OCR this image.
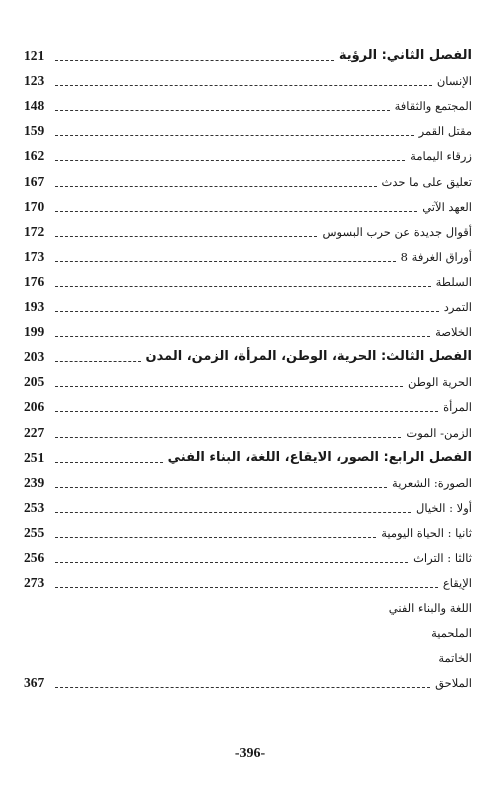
121	الفصل الثاني: الرؤية
123	الإنسان
148	المجتمع والثقافة
159	مقتل القمر
162	زرقاء اليمامة
167	تعليق على ما حدث
170	العهد الآتي
172	أقوال جديدة عن حرب البسوس
173	أوراق الغرفة 8
176	السلطة
193	التمرد
199	الخلاصة
203	الفصل الثالث: الحرية، الوطن، المرأة، الزمن، المدن
205	الحرية الوطن
206	المرأة
227	الزمن- الموت
251	الفصل الرابع: الصور، الايقاع، اللغة، البناء الفني
239	الصورة: الشعرية
253	أولا : الخيال
255	ثانيا : الحياة اليومية
256	ثالثا : التراث
273	الإيقاع
اللغة والبناء الفني
الملحمية
الخاتمة
367	الملاحق
-396-
